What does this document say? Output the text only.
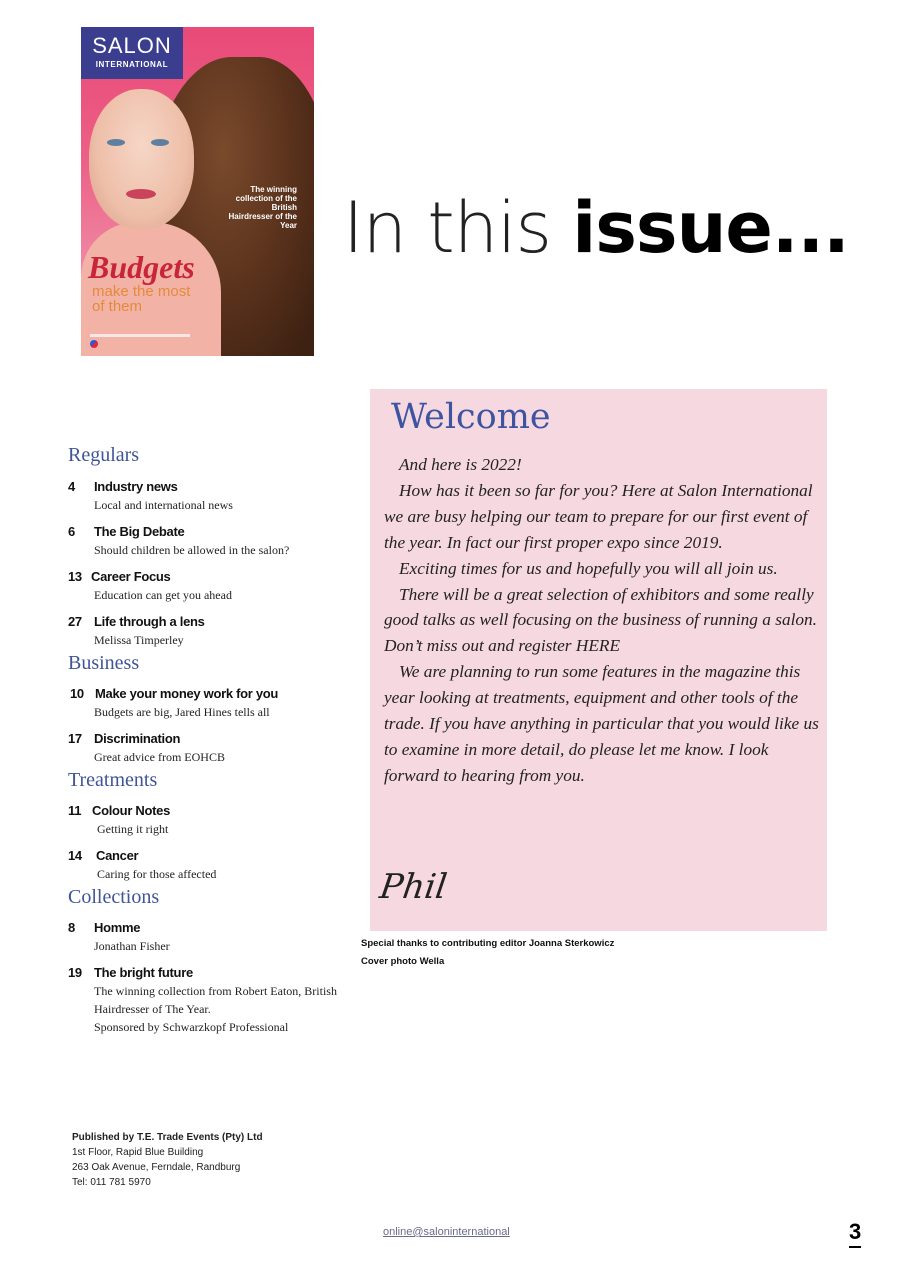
SALON
INTERNATIONAL
The winning collection of the British Hairdresser of the Year
Budgets
make the most of them
In this issue...
Regulars
4 Industry news
Local and international news
6 The Big Debate
Should children be allowed in the salon?
13 Career Focus
Education can get you ahead
27 Life through a lens
Melissa Timperley
Business
10 Make your money work for you
Budgets are big, Jared Hines tells all
17 Discrimination
Great advice from EOHCB
Treatments
11 Colour Notes
Getting it right
14 Cancer
Caring for those affected
Collections
8 Homme
Jonathan Fisher
19 The bright future
The winning collection from Robert Eaton, British
Hairdresser of The Year.
Sponsored by Schwarzkopf Professional
Welcome

And here is 2022!

How has it been so far for you? Here at Salon International we are busy helping our team to prepare for our first event of the year. In fact our first proper expo since 2019.

Exciting times for us and hopefully you will all join us.

There will be a great selection of exhibitors and some really good talks as well focusing on the business of running a salon. Don’t miss out and register HERE

We are planning to run some features in the magazine this year looking at treatments, equipment and other tools of the trade. If you have anything in particular that you would like us to examine in more detail, do please let me know. I look forward to hearing from you.

Phil
Special thanks to contributing editor Joanna Sterkowicz
Cover photo Wella
Published by T.E. Trade Events (Pty) Ltd
1st Floor, Rapid Blue Building
263 Oak Avenue, Ferndale, Randburg
Tel: 011 781 5970
online@saloninternational	3
